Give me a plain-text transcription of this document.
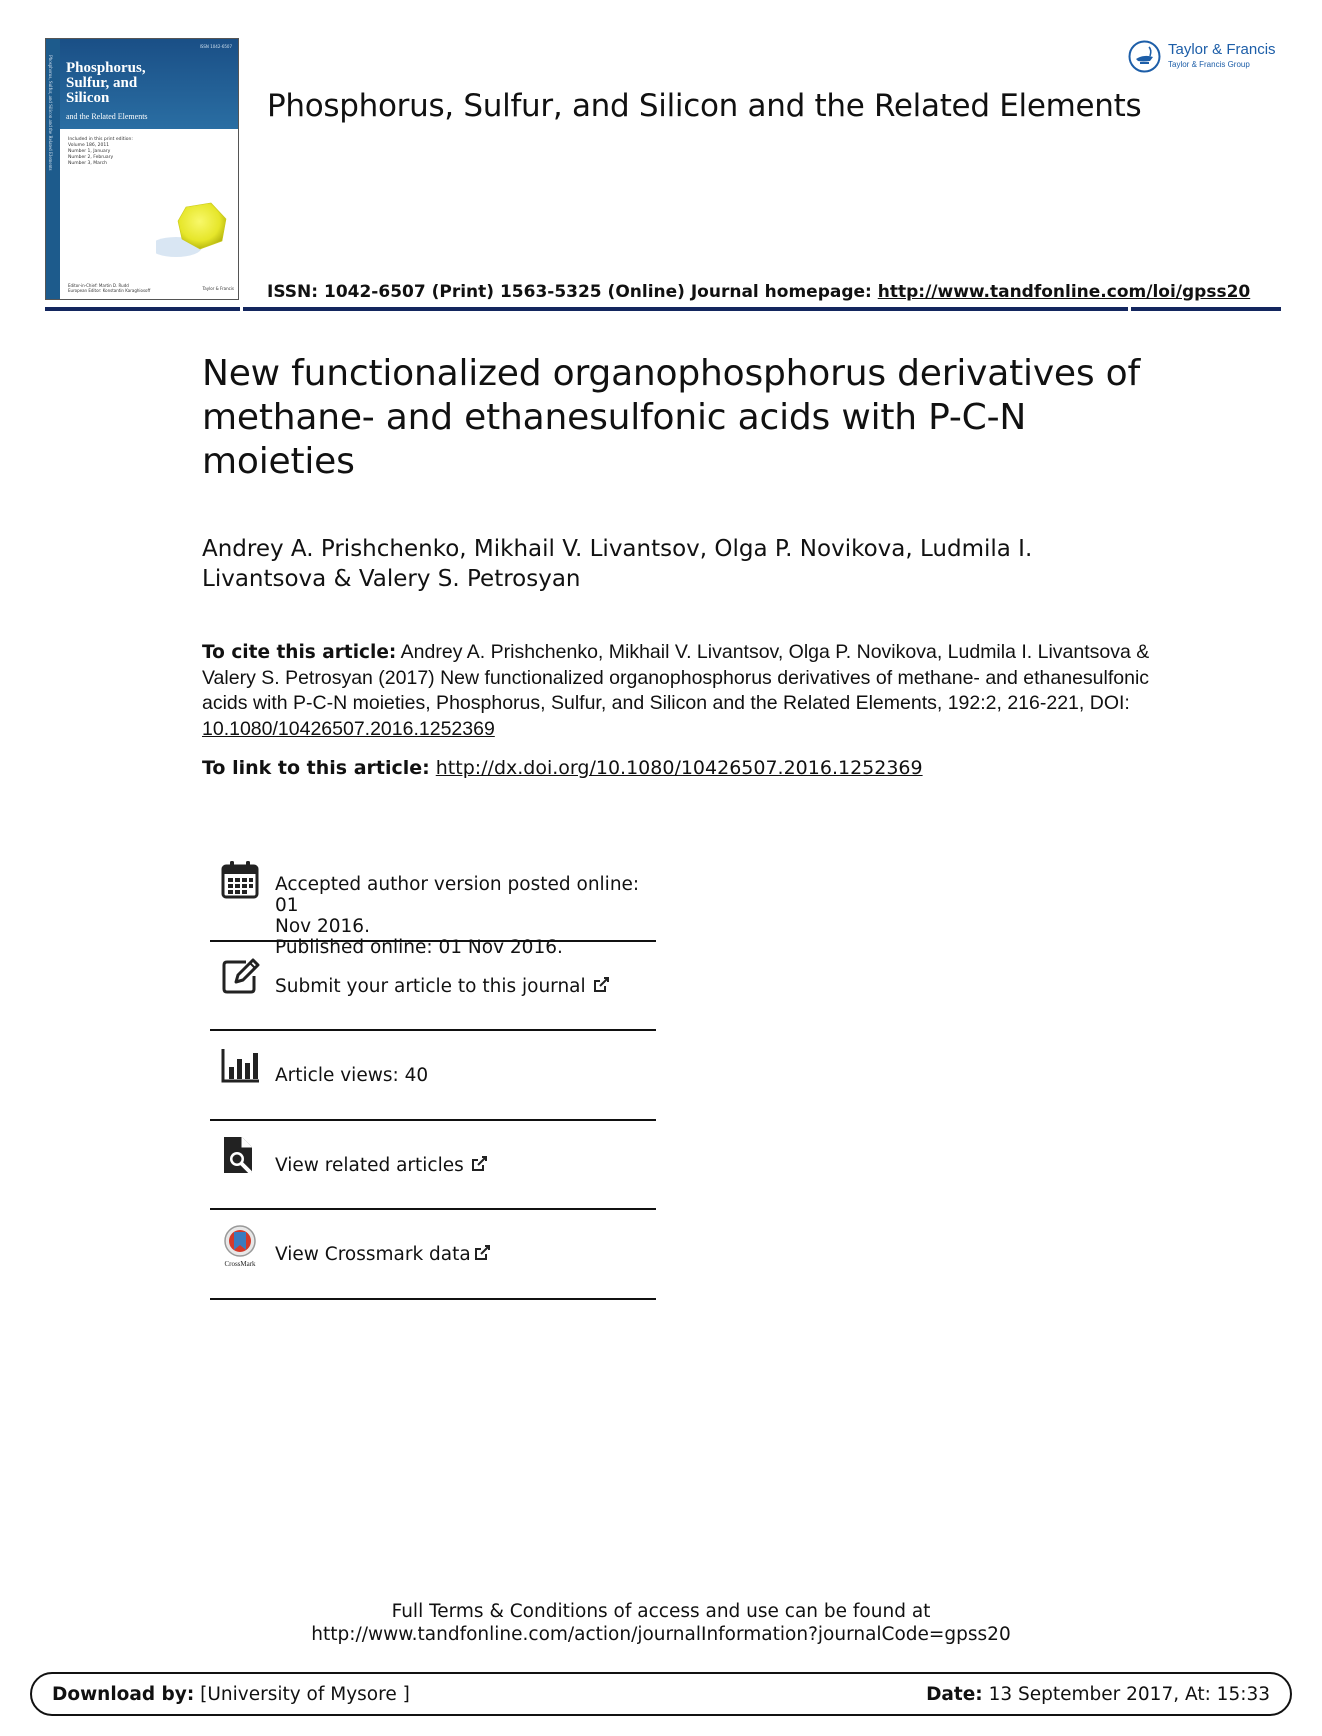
Phosphorus, Sulfur, and Silicon and the Related Elements
ISSN 1042-6507
Phosphorus,
Sulfur, and
Silicon
and the Related Elements
Included in this print edition:
Volume 186, 2011
Number 1, January
Number 2, February
Number 3, March
Editor-in-Chief: Martin D. Rudd
European Editor: Konstantin Karaghiosoff	Taylor & Francis
Phosphorus, Sulfur, and Silicon and the Related Elements
ISSN: 1042-6507 (Print) 1563-5325 (Online) Journal homepage: http://www.tandfonline.com/loi/gpss20
Taylor & Francis
Taylor & Francis Group
New functionalized organophosphorus derivatives of methane- and ethanesulfonic acids with P-C-N moieties
Andrey A. Prishchenko, Mikhail V. Livantsov, Olga P. Novikova, Ludmila I. Livantsova & Valery S. Petrosyan
To cite this article: Andrey A. Prishchenko, Mikhail V. Livantsov, Olga P. Novikova, Ludmila I. Livantsova & Valery S. Petrosyan (2017) New functionalized organophosphorus derivatives of methane- and ethanesulfonic acids with P-C-N moieties, Phosphorus, Sulfur, and Silicon and the Related Elements, 192:2, 216-221, DOI: 10.1080/10426507.2016.1252369
To link to this article: http://dx.doi.org/10.1080/10426507.2016.1252369
Accepted author version posted online: 01
Nov 2016.
Published online: 01 Nov 2016.
Submit your article to this journal
Article views: 40
View related articles
CrossMark View Crossmark data
Full Terms & Conditions of access and use can be found at
http://www.tandfonline.com/action/journalInformation?journalCode=gpss20
Download by: [University of Mysore ]	Date: 13 September 2017, At: 15:33
